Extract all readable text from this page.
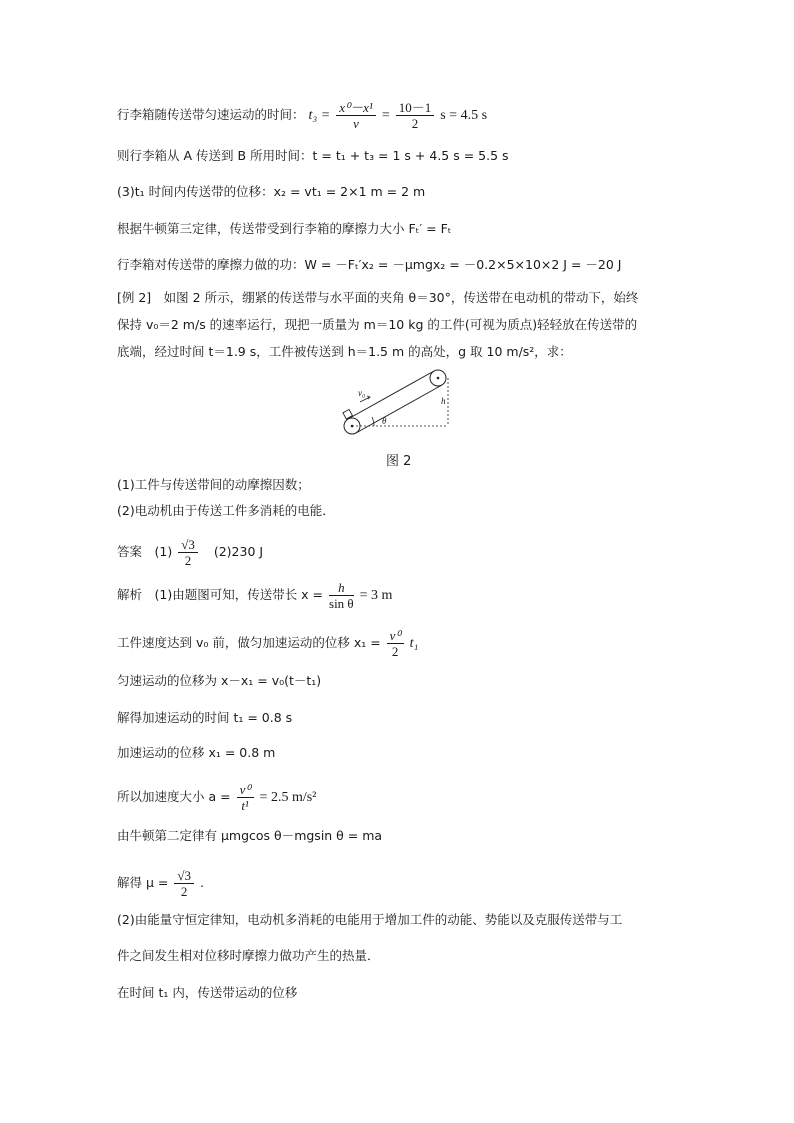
行李箱随传送带匀速运动的时间： $t_3 = \frac{\text{x⁰－x¹}}{v} = \frac{10-1}{2}$ s = 4.5 s
则行李箱从 A 传送到 B 所用时间：t = t₁ + t₃ = 1 s + 4.5 s = 5.5 s
(3)t₁ 时间内传送带的位移：x₂ = vt₁ = 2×1 m = 2 m
根据牛顿第三定律，传送带受到行李箱的摩擦力大小 Fₜ′ = Fₜ
行李箱对传送带的摩擦力做的功：W = －Fₜ′x₂ = －μmgx₂ = －0.2×5×10×2 J = －20 J
[例 2]　如图 2 所示，绷紧的传送带与水平面的夹角 θ＝30°，传送带在电动机的带动下，始终
保持 v₀＝2 m/s 的速率运行，现把一质量为 m＝10 kg 的工件(可视为质点)轻轻放在传送带的
底端，经过时间 t＝1.9 s，工件被传送到 h＝1.5 m 的高处，g 取 10 m/s²，求：
v₀
h
θ
图 2
(1)工件与传送带间的动摩擦因数；
(2)电动机由于传送工件多消耗的电能．
答案　$(1) \frac{√3}{2} (2)230$ J
解析　(1)由题图可知，传送带长 $x = \frac{h}{\text{sin θ}} = 3$ m
工件速度达到 v₀ 前，做匀加速运动的位移 $x_1 = \frac{\text{v⁰}}{2} t_1$
匀速运动的位移为 x－x₁ = v₀(t－t₁)
解得加速运动的时间 t₁ = 0.8 s
加速运动的位移 x₁ = 0.8 m
所以加速度大小 $a = \frac{\text{v⁰}}{\text{t¹}} = 2.5$ m/s²
由牛顿第二定律有 μmgcos θ－mgsin θ = ma
解得 $\mu = \frac{√3}{2}$ .
(2)由能量守恒定律知，电动机多消耗的电能用于增加工件的动能、势能以及克服传送带与工
件之间发生相对位移时摩擦力做功产生的热量．
在时间 t₁ 内，传送带运动的位移
